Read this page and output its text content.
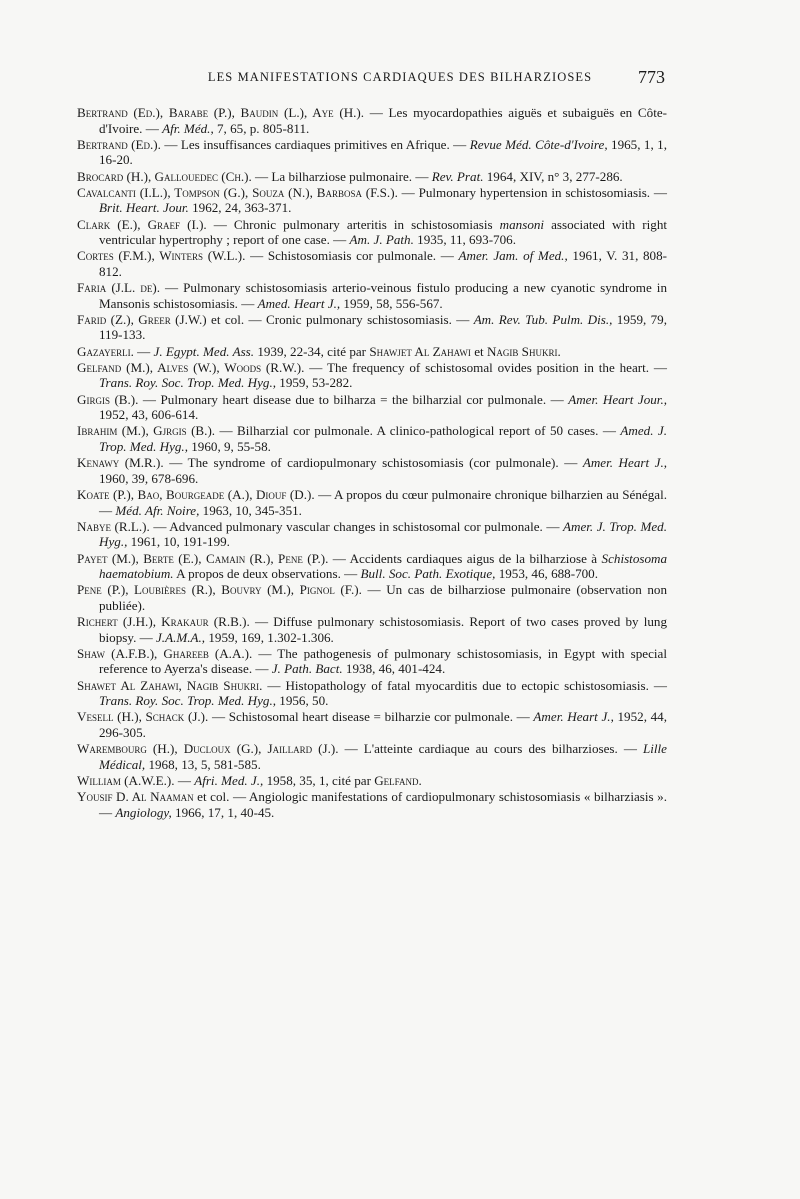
LES MANIFESTATIONS CARDIAQUES DES BILHARZIOSES	773
Bertrand (Ed.), Barabe (P.), Baudin (L.), Aye (H.). — Les myocardopathies aiguës et subaiguës en Côte-d'Ivoire. — Afr. Méd., 7, 65, p. 805-811.
Bertrand (Ed.). — Les insuffisances cardiaques primitives en Afrique. — Revue Méd. Côte-d'Ivoire, 1965, 1, 1, 16-20.
Brocard (H.), Gallouedec (Ch.). — La bilharziose pulmonaire. — Rev. Prat. 1964, XIV, n° 3, 277-286.
Cavalcanti (I.L.), Tompson (G.), Souza (N.), Barbosa (F.S.). — Pulmonary hypertension in schistosomiasis. — Brit. Heart. Jour. 1962, 24, 363-371.
Clark (E.), Graef (I.). — Chronic pulmonary arteritis in schistosomiasis mansoni associated with right ventricular hypertrophy ; report of one case. — Am. J. Path. 1935, 11, 693-706.
Cortes (F.M.), Winters (W.L.). — Schistosomiasis cor pulmonale. — Amer. Jam. of Med., 1961, V. 31, 808-812.
Faria (J.L. de). — Pulmonary schistosomiasis arterio-veinous fistulo producing a new cyanotic syndrome in Mansonis schistosomiasis. — Amed. Heart J., 1959, 58, 556-567.
Farid (Z.), Greer (J.W.) et col. — Cronic pulmonary schistosomiasis. — Am. Rev. Tub. Pulm. Dis., 1959, 79, 119-133.
Gazayerli. — J. Egypt. Med. Ass. 1939, 22-34, cité par Shawjet Al Zahawi et Nagib Shukri.
Gelfand (M.), Alves (W.), Woods (R.W.). — The frequency of schistosomal ovides position in the heart. — Trans. Roy. Soc. Trop. Med. Hyg., 1959, 53-282.
Girgis (B.). — Pulmonary heart disease due to bilharza = the bilharzial cor pulmonale. — Amer. Heart Jour., 1952, 43, 606-614.
Ibrahim (M.), Gjrgis (B.). — Bilharzial cor pulmonale. A clinico-pathological report of 50 cases. — Amed. J. Trop. Med. Hyg., 1960, 9, 55-58.
Kenawy (M.R.). — The syndrome of cardiopulmonary schistosomiasis (cor pulmonale). — Amer. Heart J., 1960, 39, 678-696.
Koate (P.), Bao, Bourgeade (A.), Diouf (D.). — A propos du cœur pulmonaire chronique bilharzien au Sénégal. — Méd. Afr. Noire, 1963, 10, 345-351.
Nabye (R.L.). — Advanced pulmonary vascular changes in schistosomal cor pulmonale. — Amer. J. Trop. Med. Hyg., 1961, 10, 191-199.
Payet (M.), Berte (E.), Camain (R.), Pene (P.). — Accidents cardiaques aigus de la bilharziose à Schistosoma haematobium. A propos de deux observations. — Bull. Soc. Path. Exotique, 1953, 46, 688-700.
Pene (P.), Loubières (R.), Bouvry (M.), Pignol (F.). — Un cas de bilharziose pulmonaire (observation non publiée).
Richert (J.H.), Krakaur (R.B.). — Diffuse pulmonary schistosomiasis. Report of two cases proved by lung biopsy. — J.A.M.A., 1959, 169, 1.302-1.306.
Shaw (A.F.B.), Ghareeb (A.A.). — The pathogenesis of pulmonary schistosomiasis, in Egypt with special reference to Ayerza's disease. — J. Path. Bact. 1938, 46, 401-424.
Shawet Al Zahawi, Nagib Shukri. — Histopathology of fatal myocarditis due to ectopic schistosomiasis. — Trans. Roy. Soc. Trop. Med. Hyg., 1956, 50.
Vesell (H.), Schack (J.). — Schistosomal heart disease = bilharzie cor pulmonale. — Amer. Heart J., 1952, 44, 296-305.
Warembourg (H.), Ducloux (G.), Jaillard (J.). — L'atteinte cardiaque au cours des bilharzioses. — Lille Médical, 1968, 13, 5, 581-585.
William (A.W.E.). — Afri. Med. J., 1958, 35, 1, cité par Gelfand.
Yousif D. Al Naaman et col. — Angiologic manifestations of cardiopulmonary schistosomiasis « bilharziasis ». — Angiology, 1966, 17, 1, 40-45.
